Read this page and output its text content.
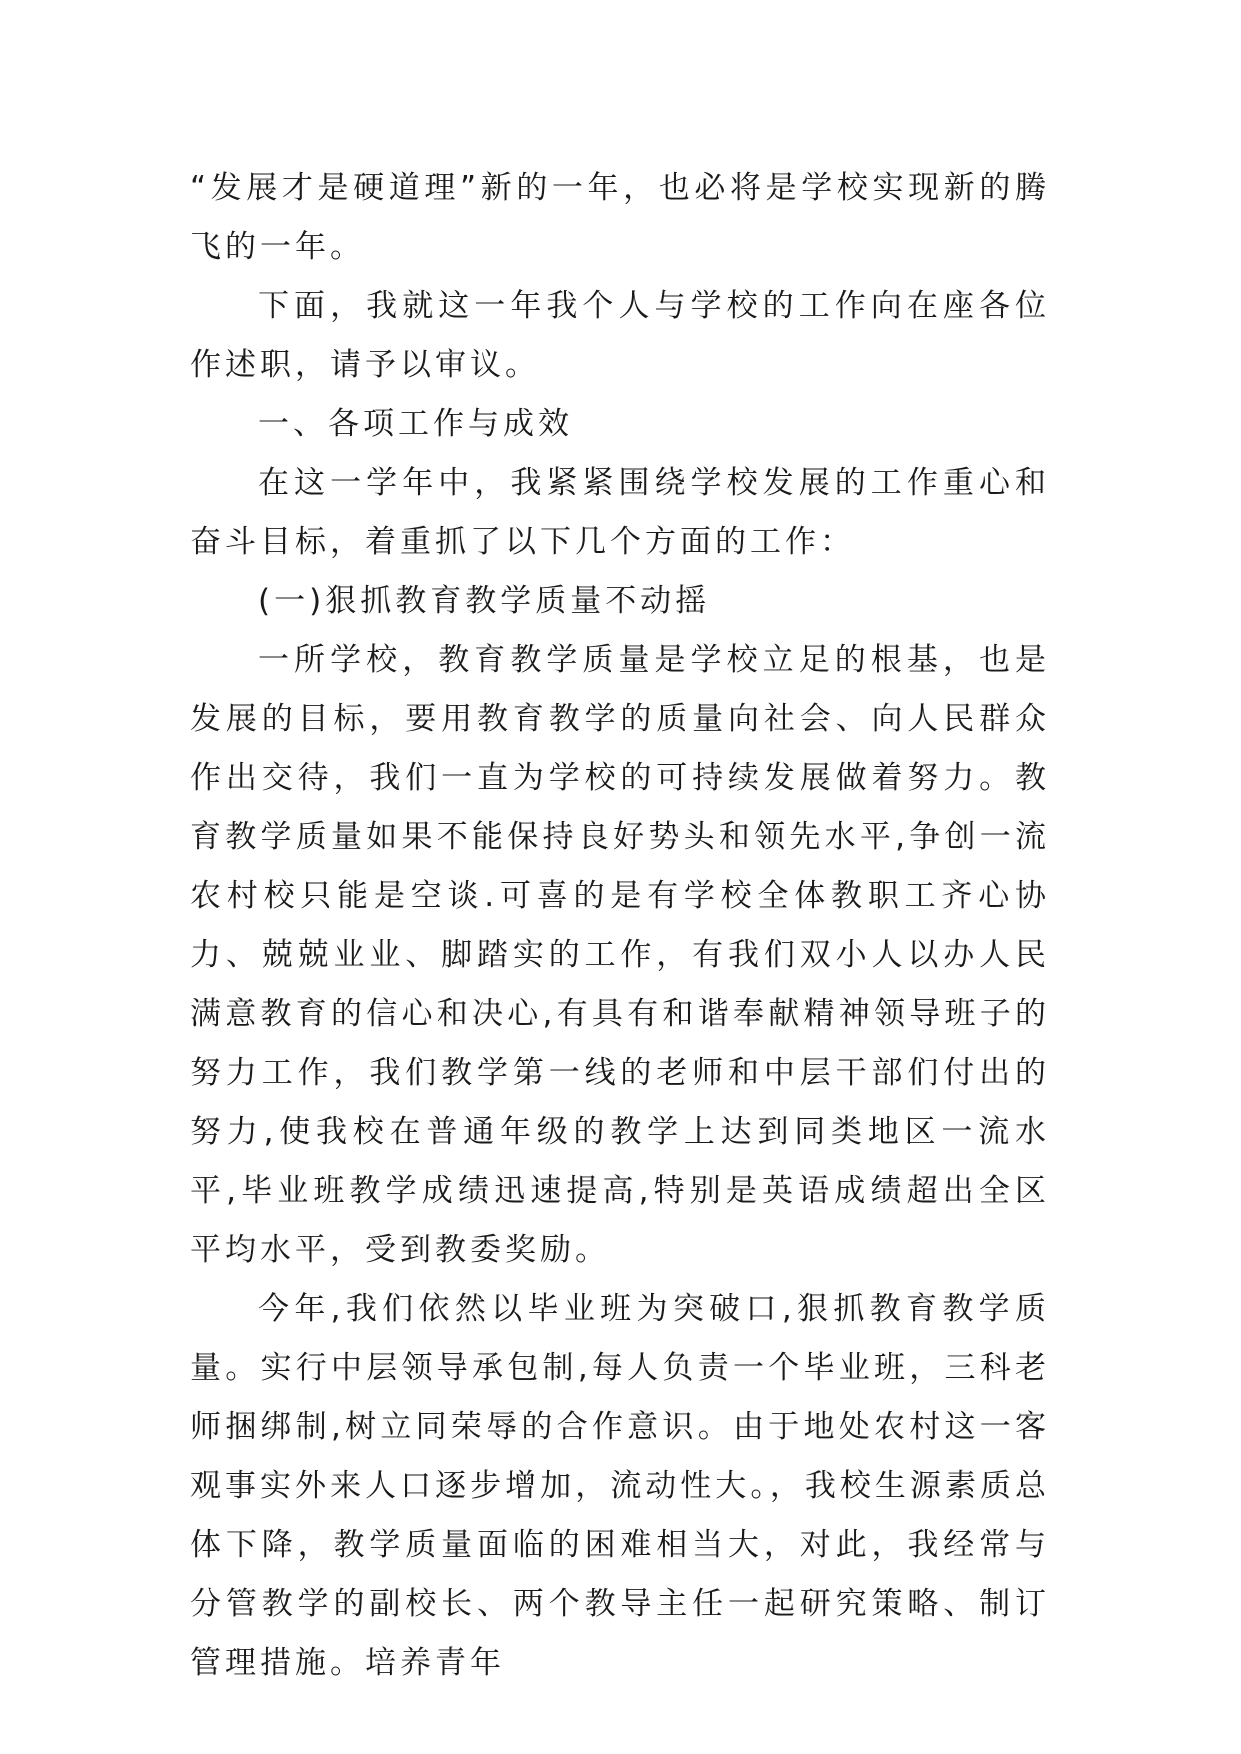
“发展才是硬道理”新的一年，也必将是学校实现新的腾飞的一年。

下面，我就这一年我个人与学校的工作向在座各位作述职，请予以审议。

一、各项工作与成效

在这一学年中，我紧紧围绕学校发展的工作重心和奋斗目标，着重抓了以下几个方面的工作：

(一)狠抓教育教学质量不动摇

一所学校，教育教学质量是学校立足的根基，也是发展的目标，要用教育教学的质量向社会、向人民群众作出交待，我们一直为学校的可持续发展做着努力。教育教学质量如果不能保持良好势头和领先水平,争创一流农村校只能是空谈.可喜的是有学校全体教职工齐心协力、兢兢业业、脚踏实的工作，有我们双小人以办人民满意教育的信心和决心,有具有和谐奉献精神领导班子的努力工作，我们教学第一线的老师和中层干部们付出的努力,使我校在普通年级的教学上达到同类地区一流水平,毕业班教学成绩迅速提高,特别是英语成绩超出全区平均水平，受到教委奖励。

今年,我们依然以毕业班为突破口,狠抓教育教学质量。实行中层领导承包制,每人负责一个毕业班，三科老师捆绑制,树立同荣辱的合作意识。由于地处农村这一客观事实外来人口逐步增加，流动性大。，我校生源素质总体下降，教学质量面临的困难相当大，对此，我经常与分管教学的副校长、两个教导主任一起研究策略、制订管理措施。培养青年
